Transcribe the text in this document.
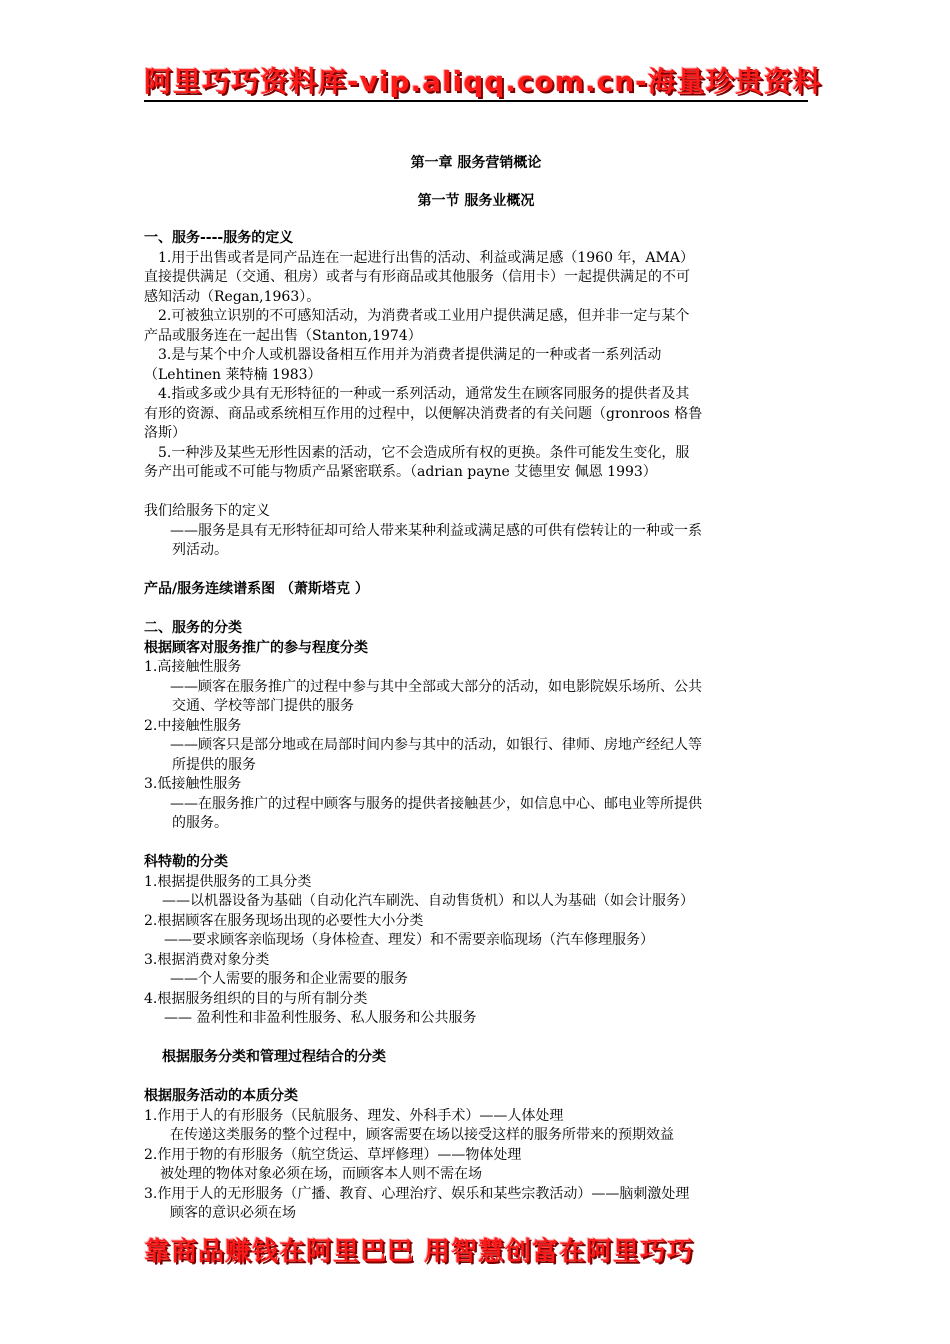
阿里巧巧资料库-vip.aliqq.com.cn-海量珍贵资料

第一章 服务营销概论

第一节 服务业概况

一、服务----服务的定义

1.用于出售或者是同产品连在一起进行出售的活动、利益或满足感（1960 年，AMA）

直接提供满足（交通、租房）或者与有形商品或其他服务（信用卡）一起提供满足的不可

感知活动（Regan,1963）。

2.可被独立识别的不可感知活动，为消费者或工业用户提供满足感，但并非一定与某个

产品或服务连在一起出售（Stanton,1974）

3.是与某个中介人或机器设备相互作用并为消费者提供满足的一种或者一系列活动

（Lehtinen 莱特楠 1983）

4.指或多或少具有无形特征的一种或一系列活动，通常发生在顾客同服务的提供者及其

有形的资源、商品或系统相互作用的过程中，以便解决消费者的有关问题（gronroos 格鲁

洛斯）

5.一种涉及某些无形性因素的活动，它不会造成所有权的更换。条件可能发生变化，服

务产出可能或不可能与物质产品紧密联系。（adrian payne 艾德里安 佩恩 1993）

我们给服务下的定义

——服务是具有无形特征却可给人带来某种利益或满足感的可供有偿转让的一种或一系

列活动。

产品/服务连续谱系图 （萧斯塔克 ）

二、服务的分类

根据顾客对服务推广的参与程度分类

1.高接触性服务

——顾客在服务推广的过程中参与其中全部或大部分的活动，如电影院娱乐场所、公共

交通、学校等部门提供的服务

2.中接触性服务

——顾客只是部分地或在局部时间内参与其中的活动，如银行、律师、房地产经纪人等

所提供的服务

3.低接触性服务

——在服务推广的过程中顾客与服务的提供者接触甚少，如信息中心、邮电业等所提供

的服务。

科特勒的分类

1.根据提供服务的工具分类

——以机器设备为基础（自动化汽车刷洗、自动售货机）和以人为基础（如会计服务）

2.根据顾客在服务现场出现的必要性大小分类

——要求顾客亲临现场（身体检查、理发）和不需要亲临现场（汽车修理服务）

3.根据消费对象分类

——个人需要的服务和企业需要的服务

4.根据服务组织的目的与所有制分类

—— 盈利性和非盈利性服务、私人服务和公共服务

根据服务分类和管理过程结合的分类

根据服务活动的本质分类

1.作用于人的有形服务（民航服务、理发、外科手术）——人体处理

在传递这类服务的整个过程中，顾客需要在场以接受这样的服务所带来的预期效益

2.作用于物的有形服务（航空货运、草坪修理）——物体处理

被处理的物体对象必须在场，而顾客本人则不需在场

3.作用于人的无形服务（广播、教育、心理治疗、娱乐和某些宗教活动）——脑刺激处理

顾客的意识必须在场

靠商品赚钱在阿里巴巴 用智慧创富在阿里巧巧
